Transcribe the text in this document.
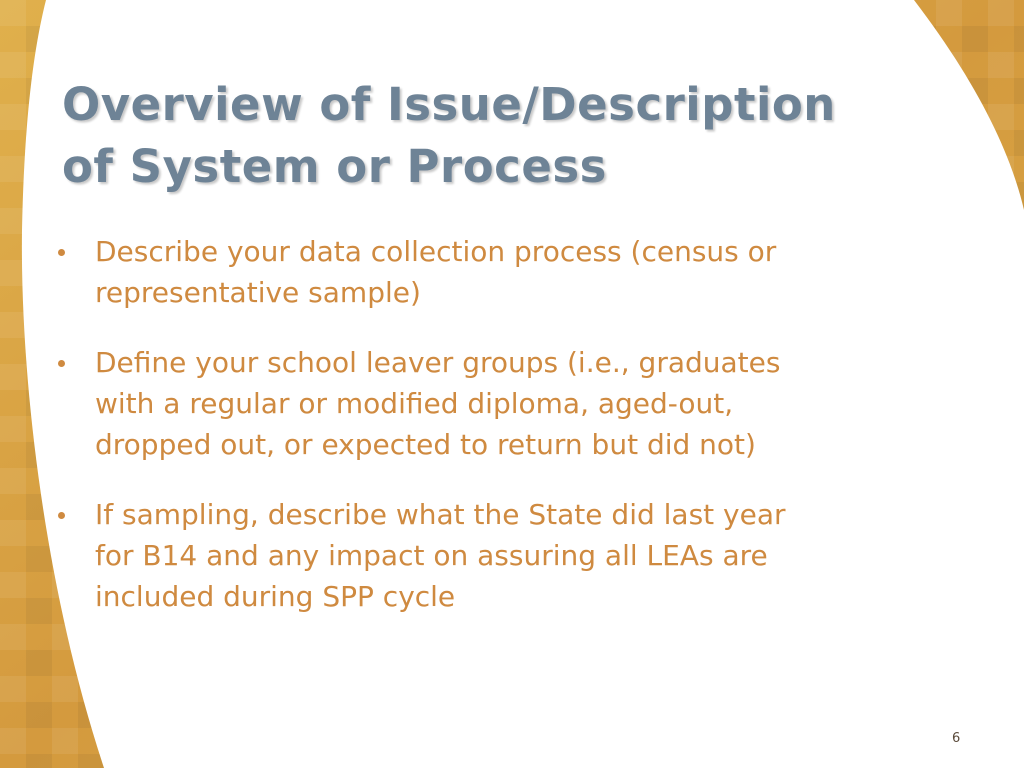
Overview of Issue/Description
of System or Process
Describe your data collection process (census or
representative sample)
Define your school leaver groups (i.e., graduates
with a regular or modified diploma, aged-out,
dropped out, or expected to return but did not)
If sampling, describe what the State did last year
for B14 and any impact on assuring all LEAs are
included during SPP cycle
6
